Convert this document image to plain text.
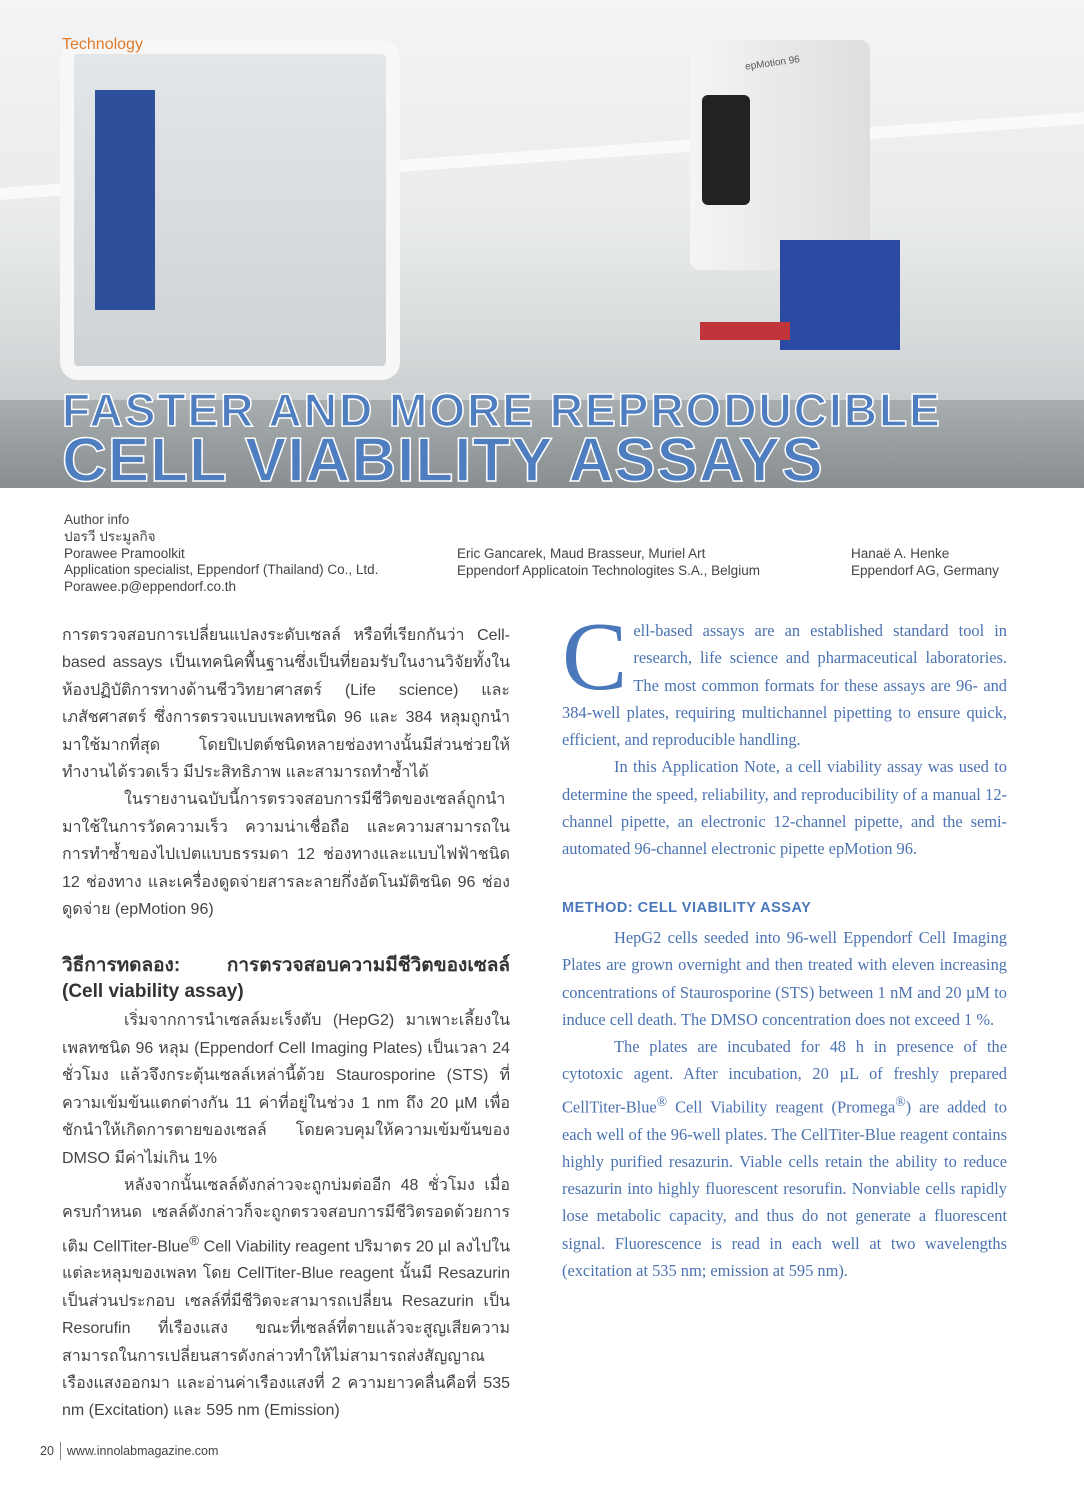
epMotion 96
Technology
FASTER AND MORE REPRODUCIBLE
CELL VIABILITY ASSAYS
Author info
ปอรวี ประมูลกิจ
Porawee Pramoolkit
Application specialist, Eppendorf (Thailand) Co., Ltd.
Porawee.p@eppendorf.co.th
Eric Gancarek, Maud Brasseur, Muriel Art
Eppendorf Applicatoin Technologites S.A., Belgium
Hanaë A. Henke
Eppendorf AG, Germany

การตรวจสอบการเปลี่ยนแปลงระดับเซลล์ หรือที่เรียกกันว่า Cell-based assays เป็นเทคนิคพื้นฐานซึ่งเป็นที่ยอมรับในงานวิจัยทั้งในห้องปฏิบัติการทางด้านชีววิทยาศาสตร์ (Life science) และเภสัชศาสตร์ ซึ่งการตรวจแบบเพลทชนิด 96 และ 384 หลุมถูกนำมาใช้มากที่สุด โดยปิเปตต์ชนิดหลายช่องทางนั้นมีส่วนช่วยให้ทำงานได้รวดเร็ว มีประสิทธิภาพ และสามารถทำซ้ำได้

ในรายงานฉบับนี้การตรวจสอบการมีชีวิตของเซลล์ถูกนำมาใช้ในการวัดความเร็ว ความน่าเชื่อถือ และความสามารถในการทำซ้ำของไปเปตแบบธรรมดา 12 ช่องทางและแบบไฟฟ้าชนิด 12 ช่องทาง และเครื่องดูดจ่ายสารละลายกึ่งอัตโนมัติชนิด 96 ช่องดูดจ่าย (epMotion 96)

วิธีการทดลอง: การตรวจสอบความมีชีวิตของเซลล์ (Cell viability assay)

เริ่มจากการนำเซลล์มะเร็งตับ (HepG2) มาเพาะเลี้ยงในเพลทชนิด 96 หลุม (Eppendorf Cell Imaging Plates) เป็นเวลา 24 ชั่วโมง แล้วจึงกระตุ้นเซลล์เหล่านี้ด้วย Staurosporine (STS) ที่ความเข้มข้นแตกต่างกัน 11 ค่าที่อยู่ในช่วง 1 nm ถึง 20 µM เพื่อชักนำให้เกิดการตายของเซลล์ โดยควบคุมให้ความเข้มข้นของ DMSO มีค่าไม่เกิน 1%

หลังจากนั้นเซลล์ดังกล่าวจะถูกบ่มต่ออีก 48 ชั่วโมง เมื่อครบกำหนด เซลล์ดังกล่าวก็จะถูกตรวจสอบการมีชีวิตรอดด้วยการเติม CellTiter-Blue® Cell Viability reagent ปริมาตร 20 µl ลงไปในแต่ละหลุมของเพลท โดย CellTiter-Blue reagent นั้นมี Resazurin เป็นส่วนประกอบ เซลล์ที่มีชีวิตจะสามารถเปลี่ยน Resazurin เป็น Resorufin ที่เรืองแสง ขณะที่เซลล์ที่ตายแล้วจะสูญเสียความสามารถในการเปลี่ยนสารดังกล่าวทำให้ไม่สามารถส่งสัญญาณเรืองแสงออกมา และอ่านค่าเรืองแสงที่ 2 ความยาวคลื่นคือที่ 535 nm (Excitation) และ 595 nm (Emission)

Cell-based assays are an established standard tool in research, life science and pharmaceutical laboratories. The most common formats for these assays are 96- and 384-well plates, requiring multichannel pipetting to ensure quick, efficient, and reproducible handling.

In this Application Note, a cell viability assay was used to determine the speed, reliability, and reproducibility of a manual 12-channel pipette, an electronic 12-channel pipette, and the semi-automated 96-channel electronic pipette epMotion 96.

METHOD: CELL VIABILITY ASSAY

HepG2 cells seeded into 96-well Eppendorf Cell Imaging Plates are grown overnight and then treated with eleven increasing concentrations of Staurosporine (STS) between 1 nM and 20 µM to induce cell death. The DMSO concentration does not exceed 1 %.

The plates are incubated for 48 h in presence of the cytotoxic agent. After incubation, 20 µL of freshly prepared CellTiter-Blue® Cell Viability reagent (Promega®) are added to each well of the 96-well plates. The CellTiter-Blue reagent contains highly purified resazurin. Viable cells retain the ability to reduce resazurin into highly fluorescent resorufin. Nonviable cells rapidly lose metabolic capacity, and thus do not generate a fluorescent signal. Fluorescence is read in each well at two wavelengths (excitation at 535 nm; emission at 595 nm).

20 www.innolabmagazine.com
